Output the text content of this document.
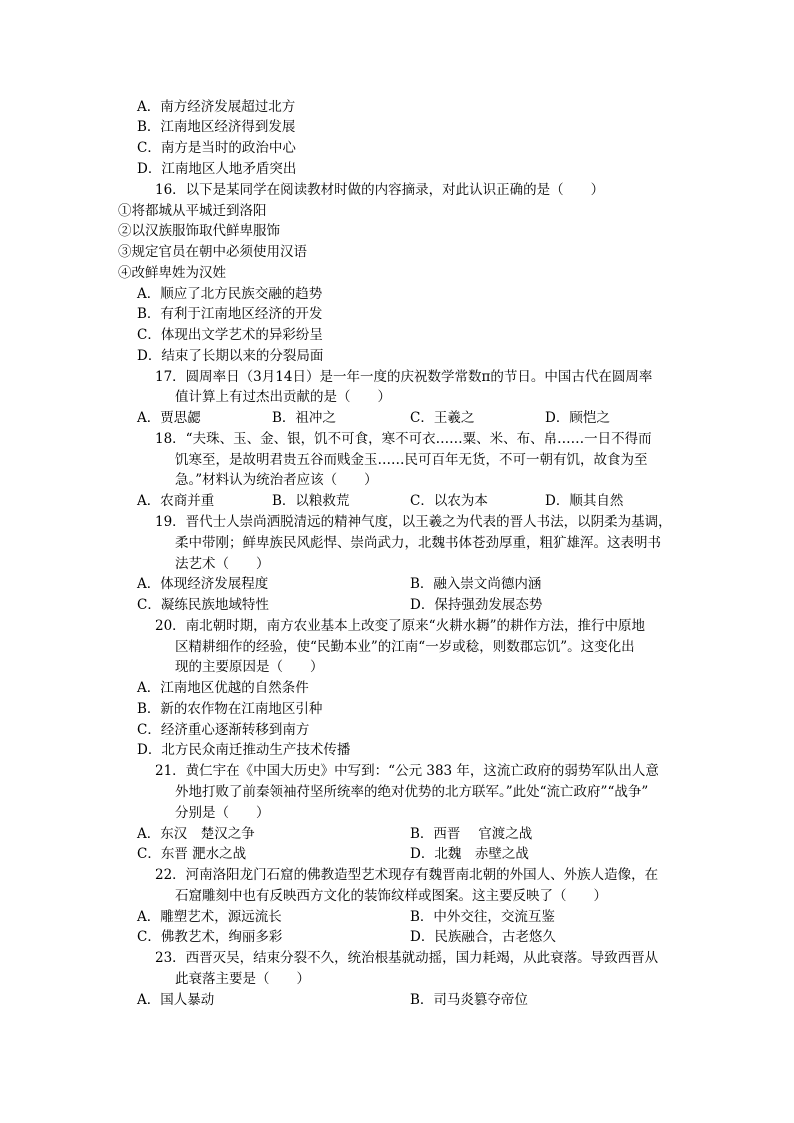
A．南方经济发展超过北方
B．江南地区经济得到发展
C．南方是当时的政治中心
D．江南地区人地矛盾突出
16．以下是某同学在阅读教材时做的内容摘录，对此认识正确的是（　　）
①将都城从平城迁到洛阳
②以汉族服饰取代鲜卑服饰
③规定官员在朝中必须使用汉语
④改鲜卑姓为汉姓
A．顺应了北方民族交融的趋势
B．有利于江南地区经济的开发
C．体现出文学艺术的异彩纷呈
D．结束了长期以来的分裂局面
17．圆周率日（3月14日）是一年一度的庆祝数学常数π的节日。中国古代在圆周率
值计算上有过杰出贡献的是（　　）
A．贾思勰	B．祖冲之	C．王羲之	D．顾恺之
18．“夫珠、玉、金、银，饥不可食，寒不可衣……粟、米、布、帛……一日不得而
饥寒至，是故明君贵五谷而贱金玉……民可百年无货，不可一朝有饥，故食为至
急。”材料认为统治者应该（　　）
A．农商并重	B．以粮救荒	C．以农为本	D．顺其自然
19．晋代士人崇尚洒脱清远的精神气度，以王羲之为代表的晋人书法，以阴柔为基调，
柔中带刚；鲜卑族民风彪悍、崇尚武力，北魏书体苍劲厚重，粗犷雄浑。这表明书
法艺术（　　）
A．体现经济发展程度	B．融入崇文尚德内涵
C．凝练民族地域特性	D．保持强劲发展态势
20．南北朝时期，南方农业基本上改变了原来“火耕水耨”的耕作方法，推行中原地
区精耕细作的经验，使“民勤本业”的江南“一岁或稔，则数郡忘饥”。这变化出
现的主要原因是（　　）
A．江南地区优越的自然条件
B．新的农作物在江南地区引种
C．经济重心逐渐转移到南方
D．北方民众南迁推动生产技术传播
21．黄仁宇在《中国大历史》中写到：“公元 383 年，这流亡政府的弱势军队出人意
外地打败了前秦领袖苻坚所统率的绝对优势的北方联军。”此处“流亡政府”“战争”
分别是（　　）
A．东汉　楚汉之争	B．西晋　 官渡之战
C．东晋 淝水之战	D．北魏　赤壁之战
22．河南洛阳龙门石窟的佛教造型艺术现存有魏晋南北朝的外国人、外族人造像，在
石窟雕刻中也有反映西方文化的装饰纹样或图案。这主要反映了（　　）
A．雕塑艺术，源远流长	B．中外交往，交流互鉴
C．佛教艺术，绚丽多彩	D．民族融合，古老悠久
23．西晋灭吴，结束分裂不久，统治根基就动摇，国力耗竭，从此衰落。导致西晋从
此衰落主要是（　　）
A．国人暴动	B．司马炎篡夺帝位
